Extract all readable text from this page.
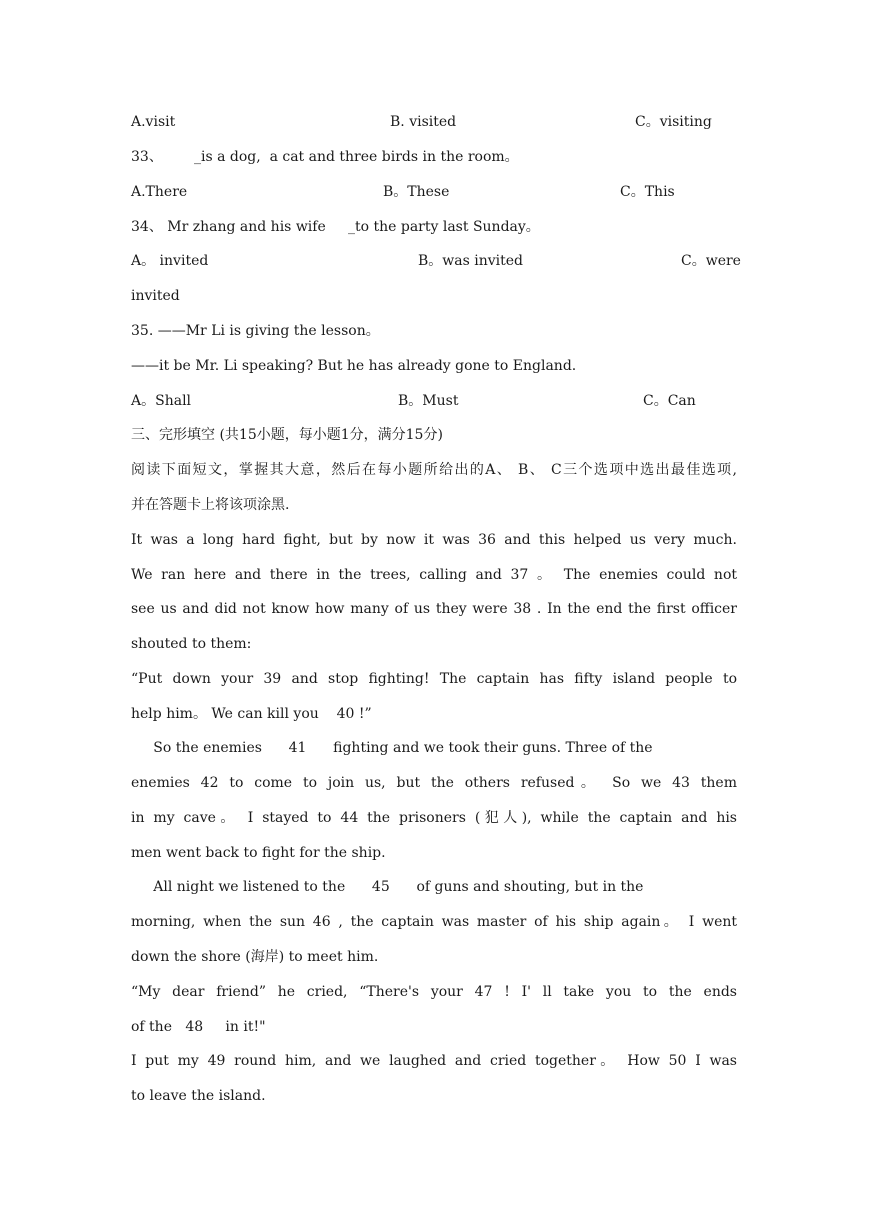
A.visit	B. visited	C。visiting
33、       _is a dog,  a cat and three birds in the room。
A.There	B。These	C。This
34、 Mr zhang and his wife     _to the party last Sunday。
A。 invited	B。was invited	C。were
invited
35. ——Mr Li is giving the lesson。
——it be Mr. Li speaking? But he has already gone to England.
A。Shall	B。Must	C。Can
三、完形填空 (共15小题，每小题1分，满分15分)
阅读下面短文，掌握其大意，然后在每小题所给出的A、 B、 C三个选项中选出最佳选项,
并在答题卡上将该项涂黑.
It was a long hard fight, but by now it was 36 and this helped us very much.
We ran here and there in the trees, calling and 37 。 The enemies could not
see us and did not know how many of us they were 38 . In the end the first officer
shouted to them:
“Put down your 39 and stop fighting! The captain has fifty island people to
help him。 We can kill you    40 !”
So the enemies      41      fighting and we took their guns. Three of the
enemies 42 to come to join us, but the others refused。 So we 43 them
in my cave。 I stayed to 44 the prisoners (犯人), while the captain and his
men went back to fight for the ship.
All night we listened to the      45      of guns and shouting, but in the
morning, when the sun 46 , the captain was master of his ship again。 I went
down the shore (海岸) to meet him.
“My dear friend” he cried, “There's your 47 ! I' ll take you to the ends
of the   48     in it!"
I put my 49 round him, and we laughed and cried together。 How 50 I was
to leave the island.
